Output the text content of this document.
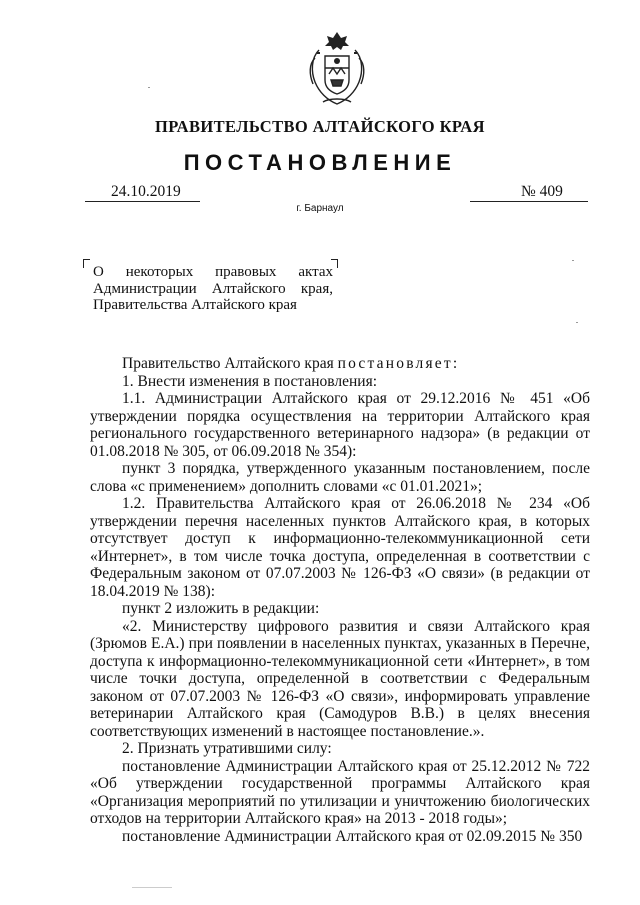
ПРАВИТЕЛЬСТВО АЛТАЙСКОГО КРАЯ
ПОСТАНОВЛЕНИЕ
24.10.2019	№ 409
г. Барнаул
О некоторых правовых актах Администрации Алтайского края, Правительства Алтайского края

Правительство Алтайского края постановляет:

1. Внести изменения в постановления:

1.1. Администрации Алтайского края от 29.12.2016 № 451 «Об утверждении порядка осуществления на территории Алтайского края регионального государственного ветеринарного надзора» (в редакции от 01.08.2018 № 305, от 06.09.2018 № 354):

пункт 3 порядка, утвержденного указанным постановлением, после слова «с применением» дополнить словами «с 01.01.2021»;

1.2. Правительства Алтайского края от 26.06.2018 № 234 «Об утверждении перечня населенных пунктов Алтайского края, в которых отсутствует доступ к информационно-телекоммуникационной сети «Интернет», в том числе точка доступа, определенная в соответствии с Федеральным законом от 07.07.2003 № 126-ФЗ «О связи» (в редакции от 18.04.2019 № 138):

пункт 2 изложить в редакции:

«2. Министерству цифрового развития и связи Алтайского края (Зрюмов Е.А.) при появлении в населенных пунктах, указанных в Перечне, доступа к информационно-телекоммуникационной сети «Интернет», в том числе точки доступа, определенной в соответствии с Федеральным законом от 07.07.2003 № 126-ФЗ «О связи», информировать управление ветеринарии Алтайского края (Самодуров В.В.) в целях внесения соответствующих изменений в настоящее постановление.».

2. Признать утратившими силу:

постановление Администрации Алтайского края от 25.12.2012 № 722 «Об утверждении государственной программы Алтайского края «Организация мероприятий по утилизации и уничтожению биологических отходов на территории Алтайского края» на 2013 - 2018 годы»;

постановление Администрации Алтайского края от 02.09.2015 № 350
